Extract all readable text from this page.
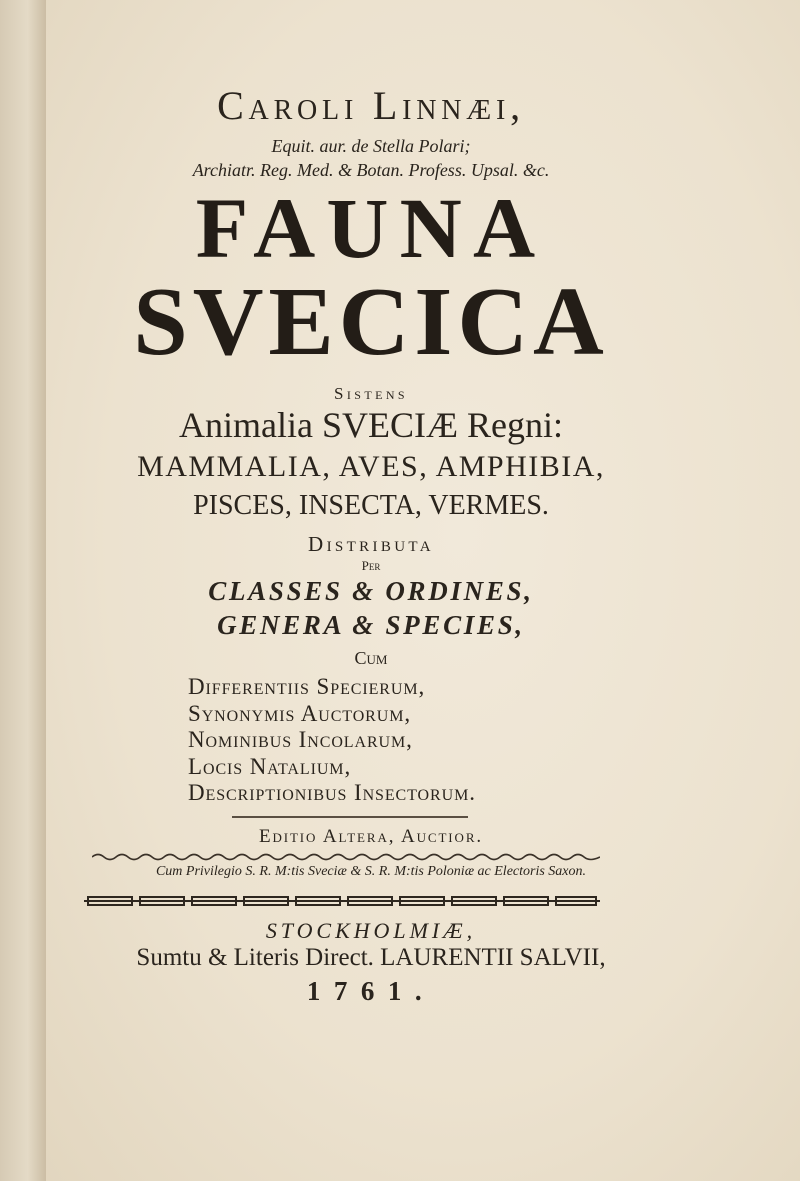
Caroli Linnæi,
Equit. aur. de Stella Polari;
Archiatr. Reg. Med. & Botan. Profess. Upsal. &c.
FAUNA
SVECICA
Sistens
Animalia SVECIÆ Regni:
MAMMALIA, AVES, AMPHIBIA,
PISCES, INSECTA, VERMES.
Distributa
Per
CLASSES & ORDINES,
GENERA & SPECIES,
Cum
Differentiis Specierum,
Synonymis Auctorum,
Nominibus Incolarum,
Locis Natalium,
Descriptionibus Insectorum.
Editio Altera, Auctior.
Cum Privilegio S. R. M:tis Sveciæ & S. R. M:tis Poloniæ ac Electoris Saxon.
STOCKHOLMIÆ,
Sumtu & Literis Direct. LAURENTII SALVII,
1761.
